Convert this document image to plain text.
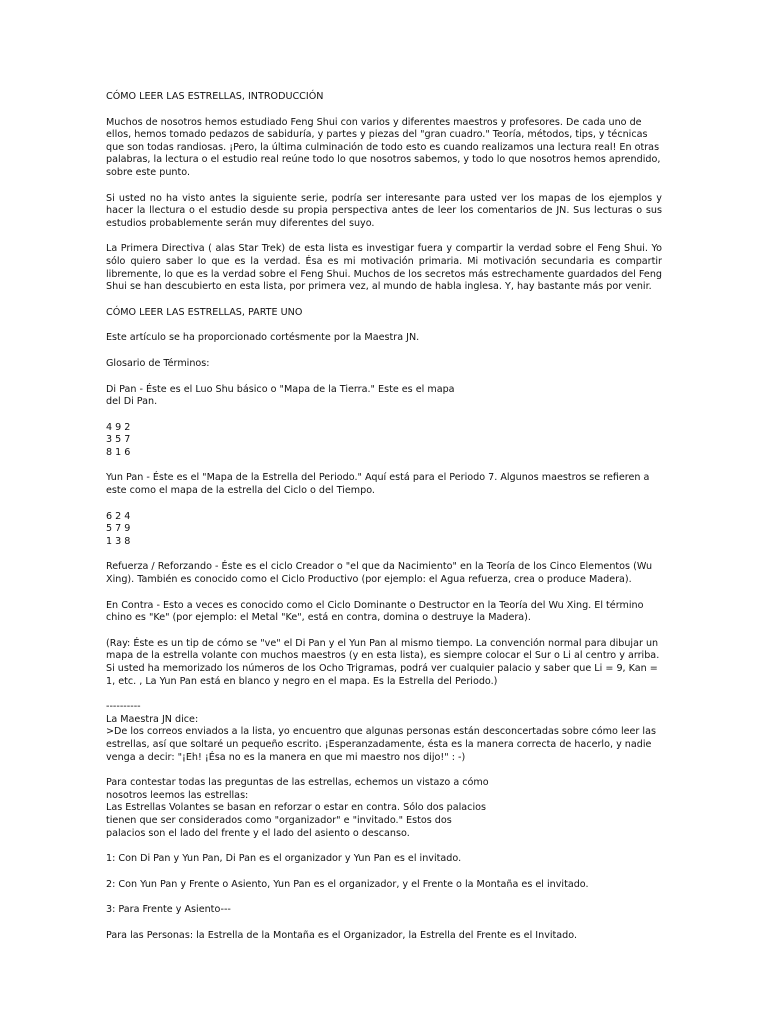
CÓMO LEER LAS ESTRELLAS, INTRODUCCIÓN

Muchos de nosotros hemos estudiado Feng Shui con varios y diferentes maestros y profesores. De cada uno de ellos, hemos tomado pedazos de sabiduría, y partes y piezas del "gran cuadro." Teoría, métodos, tips, y técnicas que son todas randiosas. ¡Pero, la última culminación de todo esto es cuando realizamos una lectura real! En otras palabras, la lectura o el estudio real reúne todo lo que nosotros sabemos, y todo lo que nosotros hemos aprendido, sobre este punto.

Si usted no ha visto antes la siguiente serie, podría ser interesante para usted ver los mapas de los ejemplos y hacer la llectura o el estudio desde su propia perspectiva antes de leer los comentarios de JN. Sus lecturas o sus estudios probablemente serán muy diferentes del suyo.

La Primera Directiva ( alas Star Trek) de esta lista es investigar fuera y compartir la verdad sobre el Feng Shui. Yo sólo quiero saber lo que es la verdad. Ésa es mi motivación primaria. Mi motivación secundaria es compartir libremente, lo que es la verdad sobre el Feng Shui. Muchos de los secretos más estrechamente guardados del Feng Shui se han descubierto en esta lista, por primera vez, al mundo de habla inglesa. Y, hay bastante más por venir.

CÓMO LEER LAS ESTRELLAS, PARTE UNO

Este artículo se ha proporcionado cortésmente por la Maestra JN.

Glosario de Términos:

Di Pan - Éste es el Luo Shu básico o "Mapa de la Tierra." Este es el mapa
del Di Pan.

4 9 2
3 5 7
8 1 6

Yun Pan - Éste es el "Mapa de la Estrella del Periodo." Aquí está para el Periodo 7. Algunos maestros se refieren a este como el mapa de la estrella del Ciclo o del Tiempo.

6 2 4
5 7 9
1 3 8

Refuerza / Reforzando - Éste es el ciclo Creador o "el que da Nacimiento" en la Teoría de los Cinco Elementos (Wu Xing). También es conocido como el Ciclo Productivo (por ejemplo: el Agua refuerza, crea o produce Madera).

En Contra - Esto a veces es conocido como el Ciclo Dominante o Destructor en la Teoría del Wu Xing. El término chino es "Ke" (por ejemplo: el Metal "Ke", está en contra, domina o destruye la Madera).

(Ray: Éste es un tip de cómo se "ve" el Di Pan y el Yun Pan al mismo tiempo. La convención normal para dibujar un mapa de la estrella volante con muchos maestros (y en esta lista), es siempre colocar el Sur o Li al centro y arriba. Si usted ha memorizado los números de los Ocho Trigramas, podrá ver cualquier palacio y saber que Li = 9, Kan = 1, etc. , La Yun Pan está en blanco y negro en el mapa. Es la Estrella del Periodo.)

----------
La Maestra JN dice:
>De los correos enviados a la lista, yo encuentro que algunas personas están desconcertadas sobre cómo leer las estrellas, así que soltaré un pequeño escrito. ¡Esperanzadamente, ésta es la manera correcta de hacerlo, y nadie venga a decir: "¡Eh! ¡Ésa no es la manera en que mi maestro nos dijo!" : -)

Para contestar todas las preguntas de las estrellas, echemos un vistazo a cómo
nosotros leemos las estrellas:
Las Estrellas Volantes se basan en reforzar o estar en contra. Sólo dos palacios
tienen que ser considerados como "organizador" e "invitado." Estos dos
palacios son el lado del frente y el lado del asiento o descanso.

1: Con Di Pan y Yun Pan, Di Pan es el organizador y Yun Pan es el invitado.

2: Con Yun Pan y Frente o Asiento, Yun Pan es el organizador, y el Frente o la Montaña es el invitado.

3: Para Frente y Asiento---

Para las Personas: la Estrella de la Montaña es el Organizador, la Estrella del Frente es el Invitado.
